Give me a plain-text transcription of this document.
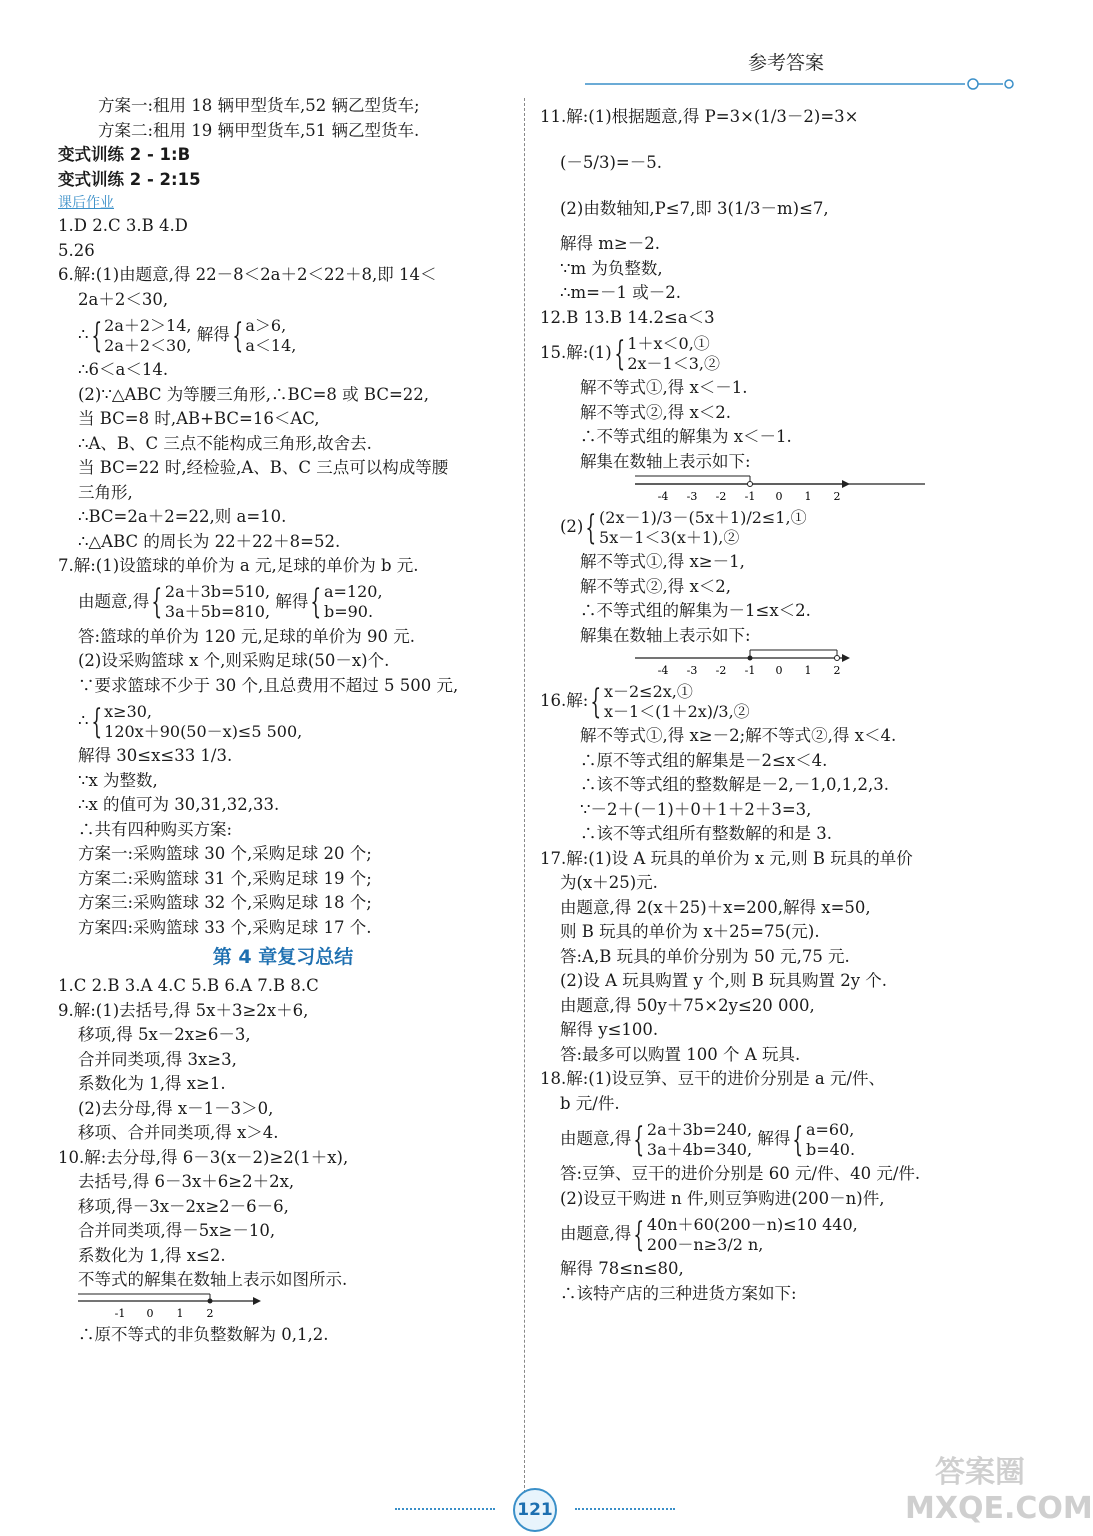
参考答案
方案一:租用 18 辆甲型货车,52 辆乙型货车;
方案二:租用 19 辆甲型货车,51 辆乙型货车.
变式训练 2 - 1:B
变式训练 2 - 2:15
课后作业
1.D 2.C 3.B 4.D
5.26
6.解:(1)由题意,得 22－8＜2a＋2＜22＋8,即 14＜
2a＋2＜30,
∴{ 2a＋2＞14,
2a＋2＜30, 解得{ a＞6,
a＜14,
∴6＜a＜14.
(2)∵△ABC 为等腰三角形,∴BC=8 或 BC=22,
当 BC=8 时,AB+BC=16＜AC,
∴A、B、C 三点不能构成三角形,故舍去.
当 BC=22 时,经检验,A、B、C 三点可以构成等腰
三角形,
∴BC=2a＋2=22,则 a=10.
∴△ABC 的周长为 22＋22＋8=52.
7.解:(1)设篮球的单价为 a 元,足球的单价为 b 元.
由题意,得{ 2a＋3b=510,
3a＋5b=810, 解得{ a=120,
b=90.
答:篮球的单价为 120 元,足球的单价为 90 元.
(2)设采购篮球 x 个,则采购足球(50－x)个.
∵要求篮球不少于 30 个,且总费用不超过 5 500 元,
∴{ x≥30,
120x＋90(50－x)≤5 500,
解得 30≤x≤33 1/3.
∵x 为整数,
∴x 的值可为 30,31,32,33.
∴共有四种购买方案:
方案一:采购篮球 30 个,采购足球 20 个;
方案二:采购篮球 31 个,采购足球 19 个;
方案三:采购篮球 32 个,采购足球 18 个;
方案四:采购篮球 33 个,采购足球 17 个.
第 4 章复习总结
1.C 2.B 3.A 4.C 5.B 6.A 7.B 8.C
9.解:(1)去括号,得 5x＋3≥2x＋6,
移项,得 5x－2x≥6－3,
合并同类项,得 3x≥3,
系数化为 1,得 x≥1.
(2)去分母,得 x－1－3＞0,
移项、合并同类项,得 x＞4.
10.解:去分母,得 6－3(x－2)≥2(1＋x),
去括号,得 6－3x＋6≥2＋2x,
移项,得－3x－2x≥2－6－6,
合并同类项,得－5x≥－10,
系数化为 1,得 x≤2.
不等式的解集在数轴上表示如图所示.
-1 0 1 2
∴原不等式的非负整数解为 0,1,2.
11.解:(1)根据题意,得 P=3×(1/3－2)=3×
(－5/3)=－5.
(2)由数轴知,P≤7,即 3(1/3－m)≤7,
解得 m≥－2.
∵m 为负整数,
∴m=－1 或－2.
12.B 13.B 14.2≤a＜3
15.解:(1){ 1＋x＜0,①
2x－1＜3,②
解不等式①,得 x＜－1.
解不等式②,得 x＜2.
∴不等式组的解集为 x＜－1.
解集在数轴上表示如下:
-4 -3 -2 -1 0 1 2
(2){ (2x－1)/3－(5x＋1)/2≤1,①
5x－1＜3(x＋1),②
解不等式①,得 x≥－1,
解不等式②,得 x＜2,
∴不等式组的解集为－1≤x＜2.
解集在数轴上表示如下:
-4 -3 -2 -1 0 1 2
16.解:{ x－2≤2x,①
x－1＜(1＋2x)/3,②
解不等式①,得 x≥－2;解不等式②,得 x＜4.
∴原不等式组的解集是－2≤x＜4.
∴该不等式组的整数解是－2,－1,0,1,2,3.
∵－2＋(－1)＋0＋1＋2＋3=3,
∴该不等式组所有整数解的和是 3.
17.解:(1)设 A 玩具的单价为 x 元,则 B 玩具的单价
为(x＋25)元.
由题意,得 2(x＋25)＋x=200,解得 x=50,
则 B 玩具的单价为 x＋25=75(元).
答:A,B 玩具的单价分别为 50 元,75 元.
(2)设 A 玩具购置 y 个,则 B 玩具购置 2y 个.
由题意,得 50y＋75×2y≤20 000,
解得 y≤100.
答:最多可以购置 100 个 A 玩具.
18.解:(1)设豆笋、豆干的进价分别是 a 元/件、
b 元/件.
由题意,得{ 2a＋3b=240,
3a＋4b=340, 解得{ a=60,
b=40.
答:豆笋、豆干的进价分别是 60 元/件、40 元/件.
(2)设豆干购进 n 件,则豆笋购进(200－n)件,
由题意,得{ 40n＋60(200－n)≤10 440,
200－n≥3/2 n,
解得 78≤n≤80,
∴该特产店的三种进货方案如下:
121
答案圈 MXQE.COM
